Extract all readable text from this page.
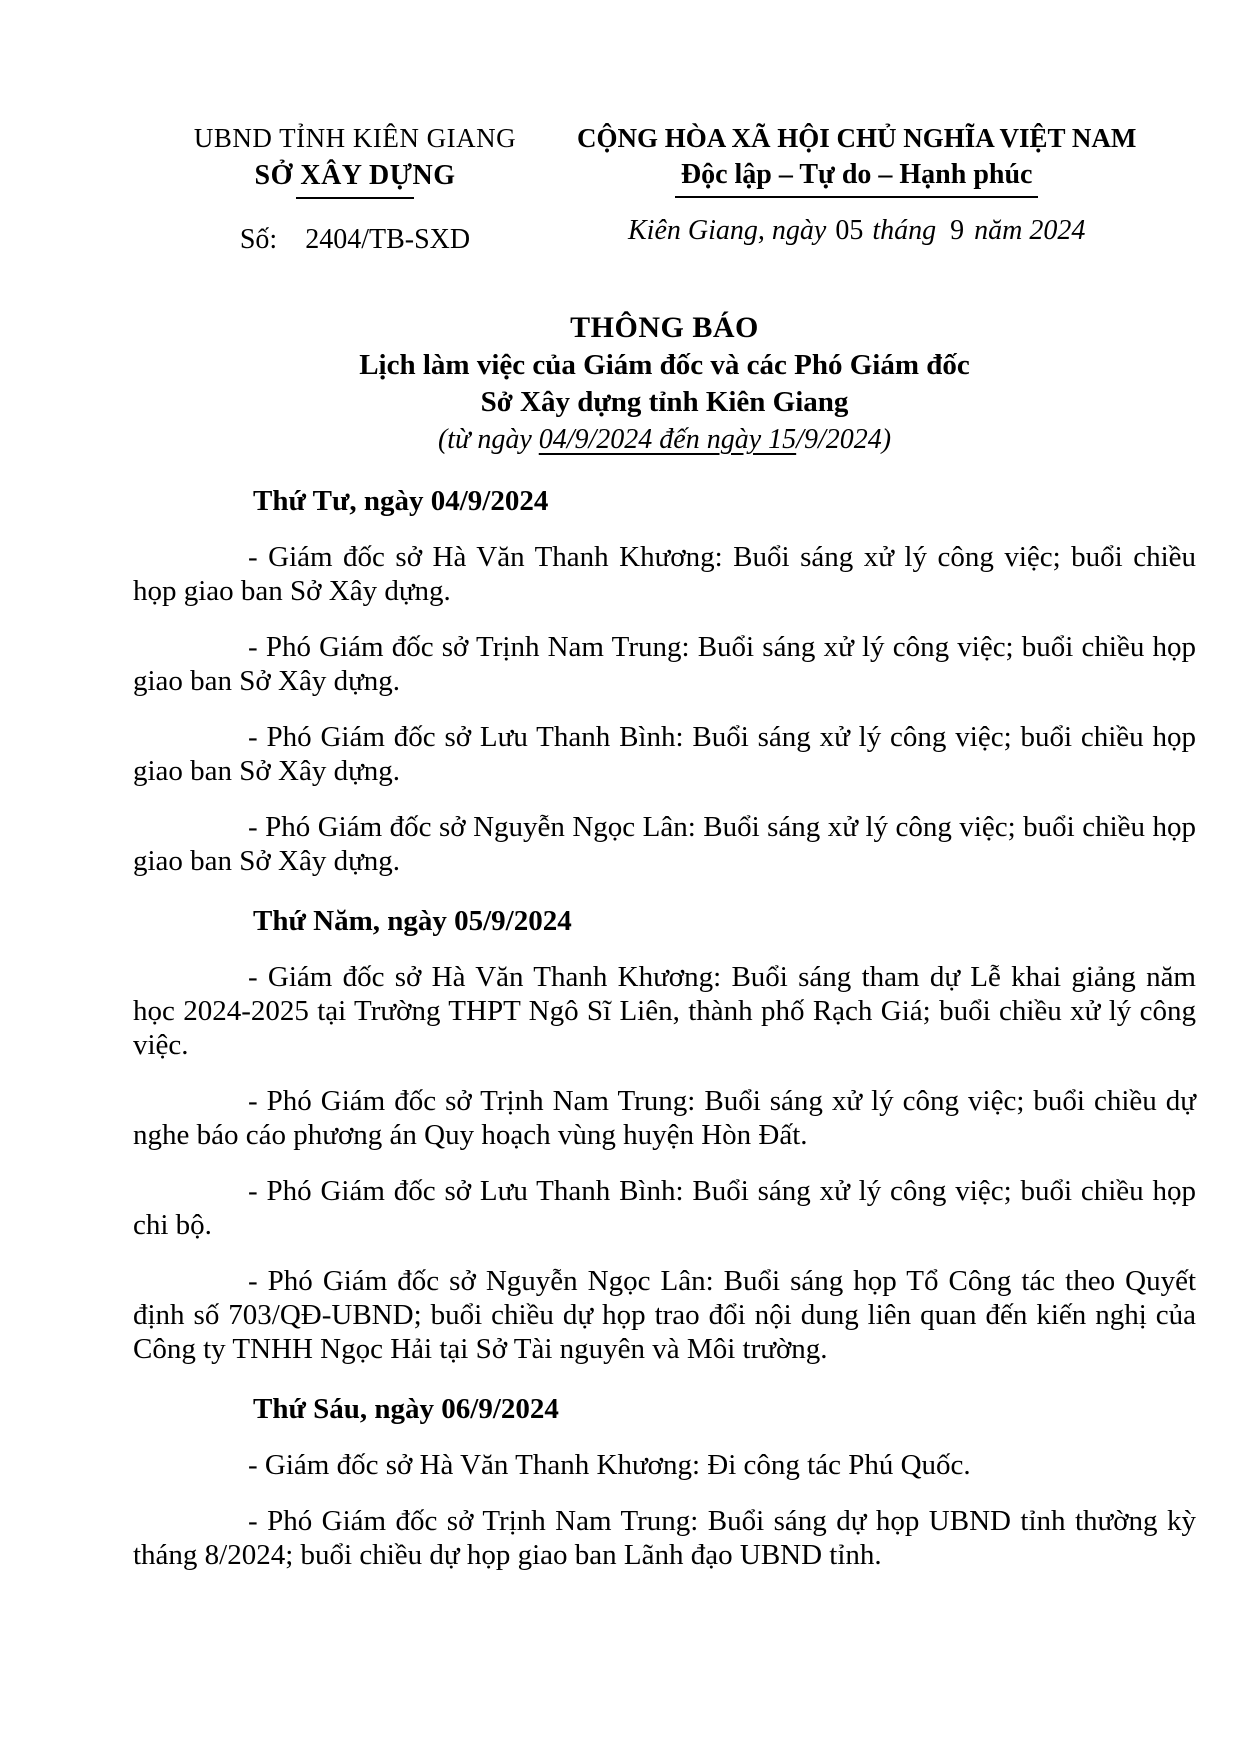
UBND TỈNH KIÊN GIANG
SỞ XÂY DỰNG
Số: 2404/TB-SXD
CỘNG HÒA XÃ HỘI CHỦ NGHĨA VIỆT NAM
Độc lập – Tự do – Hạnh phúc
Kiên Giang, ngày 05 tháng 9 năm 2024
THÔNG BÁO
Lịch làm việc của Giám đốc và các Phó Giám đốc
Sở Xây dựng tỉnh Kiên Giang
(từ ngày 04/9/2024 đến ngày 15/9/2024)
Thứ Tư, ngày 04/9/2024

- Giám đốc sở Hà Văn Thanh Khương: Buổi sáng xử lý công việc; buổi chiều họp giao ban Sở Xây dựng.

- Phó Giám đốc sở Trịnh Nam Trung: Buổi sáng xử lý công việc; buổi chiều họp giao ban Sở Xây dựng.

- Phó Giám đốc sở Lưu Thanh Bình: Buổi sáng xử lý công việc; buổi chiều họp giao ban Sở Xây dựng.

- Phó Giám đốc sở Nguyễn Ngọc Lân: Buổi sáng xử lý công việc; buổi chiều họp giao ban Sở Xây dựng.

Thứ Năm, ngày 05/9/2024

- Giám đốc sở Hà Văn Thanh Khương: Buổi sáng tham dự Lễ khai giảng năm học 2024-2025 tại Trường THPT Ngô Sĩ Liên, thành phố Rạch Giá; buổi chiều xử lý công việc.

- Phó Giám đốc sở Trịnh Nam Trung: Buổi sáng xử lý công việc; buổi chiều dự nghe báo cáo phương án Quy hoạch vùng huyện Hòn Đất.

- Phó Giám đốc sở Lưu Thanh Bình: Buổi sáng xử lý công việc; buổi chiều họp chi bộ.

- Phó Giám đốc sở Nguyễn Ngọc Lân: Buổi sáng họp Tổ Công tác theo Quyết định số 703/QĐ-UBND; buổi chiều dự họp trao đổi nội dung liên quan đến kiến nghị của Công ty TNHH Ngọc Hải tại Sở Tài nguyên và Môi trường.

Thứ Sáu, ngày 06/9/2024

- Giám đốc sở Hà Văn Thanh Khương: Đi công tác Phú Quốc.

- Phó Giám đốc sở Trịnh Nam Trung: Buổi sáng dự họp UBND tỉnh thường kỳ tháng 8/2024; buổi chiều dự họp giao ban Lãnh đạo UBND tỉnh.
